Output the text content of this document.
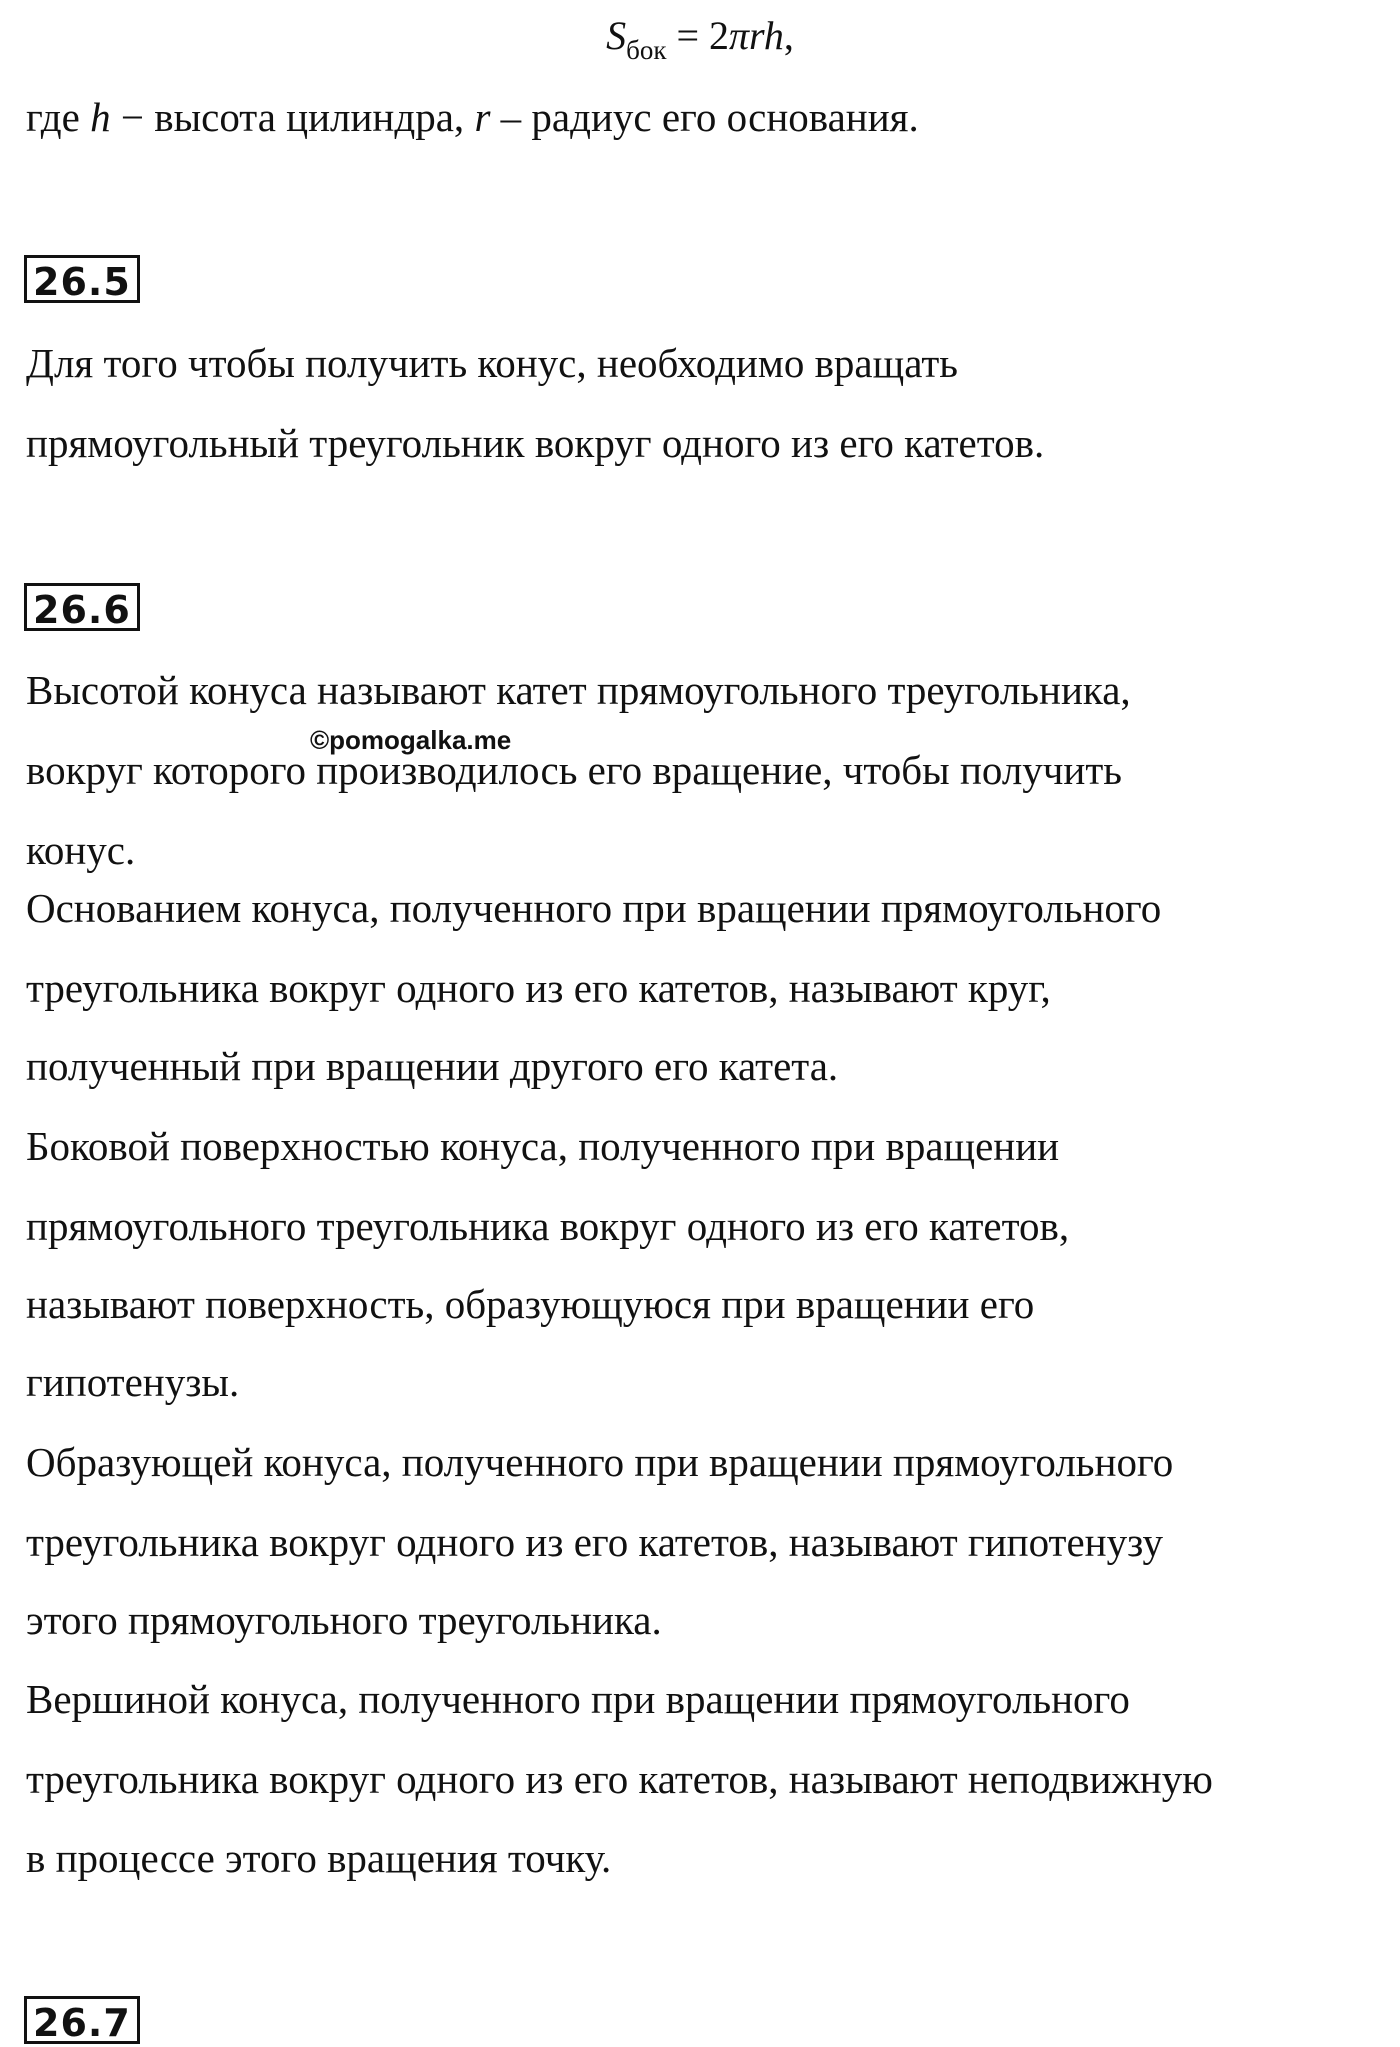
$S_{бок} = 2\pi rh$,
где h − высота цилиндра, r – радиус его основания.
26.5
Для того чтобы получить конус, необходимо вращать
прямоугольный треугольник вокруг одного из его катетов.
26.6
Высотой конуса называют катет прямоугольного треугольника,
вокруг которого производилось его вращение, чтобы получить
конус.
Основанием конуса, полученного при вращении прямоугольного
треугольника вокруг одного из его катетов, называют круг,
полученный при вращении другого его катета.
Боковой поверхностью конуса, полученного при вращении
прямоугольного треугольника вокруг одного из его катетов,
называют поверхность, образующуюся при вращении его
гипотенузы.
Образующей конуса, полученного при вращении прямоугольного
треугольника вокруг одного из его катетов, называют гипотенузу
этого прямоугольного треугольника.
Вершиной конуса, полученного при вращении прямоугольного
треугольника вокруг одного из его катетов, называют неподвижную
в процессе этого вращения точку.
26.7
©pomogalka.me
